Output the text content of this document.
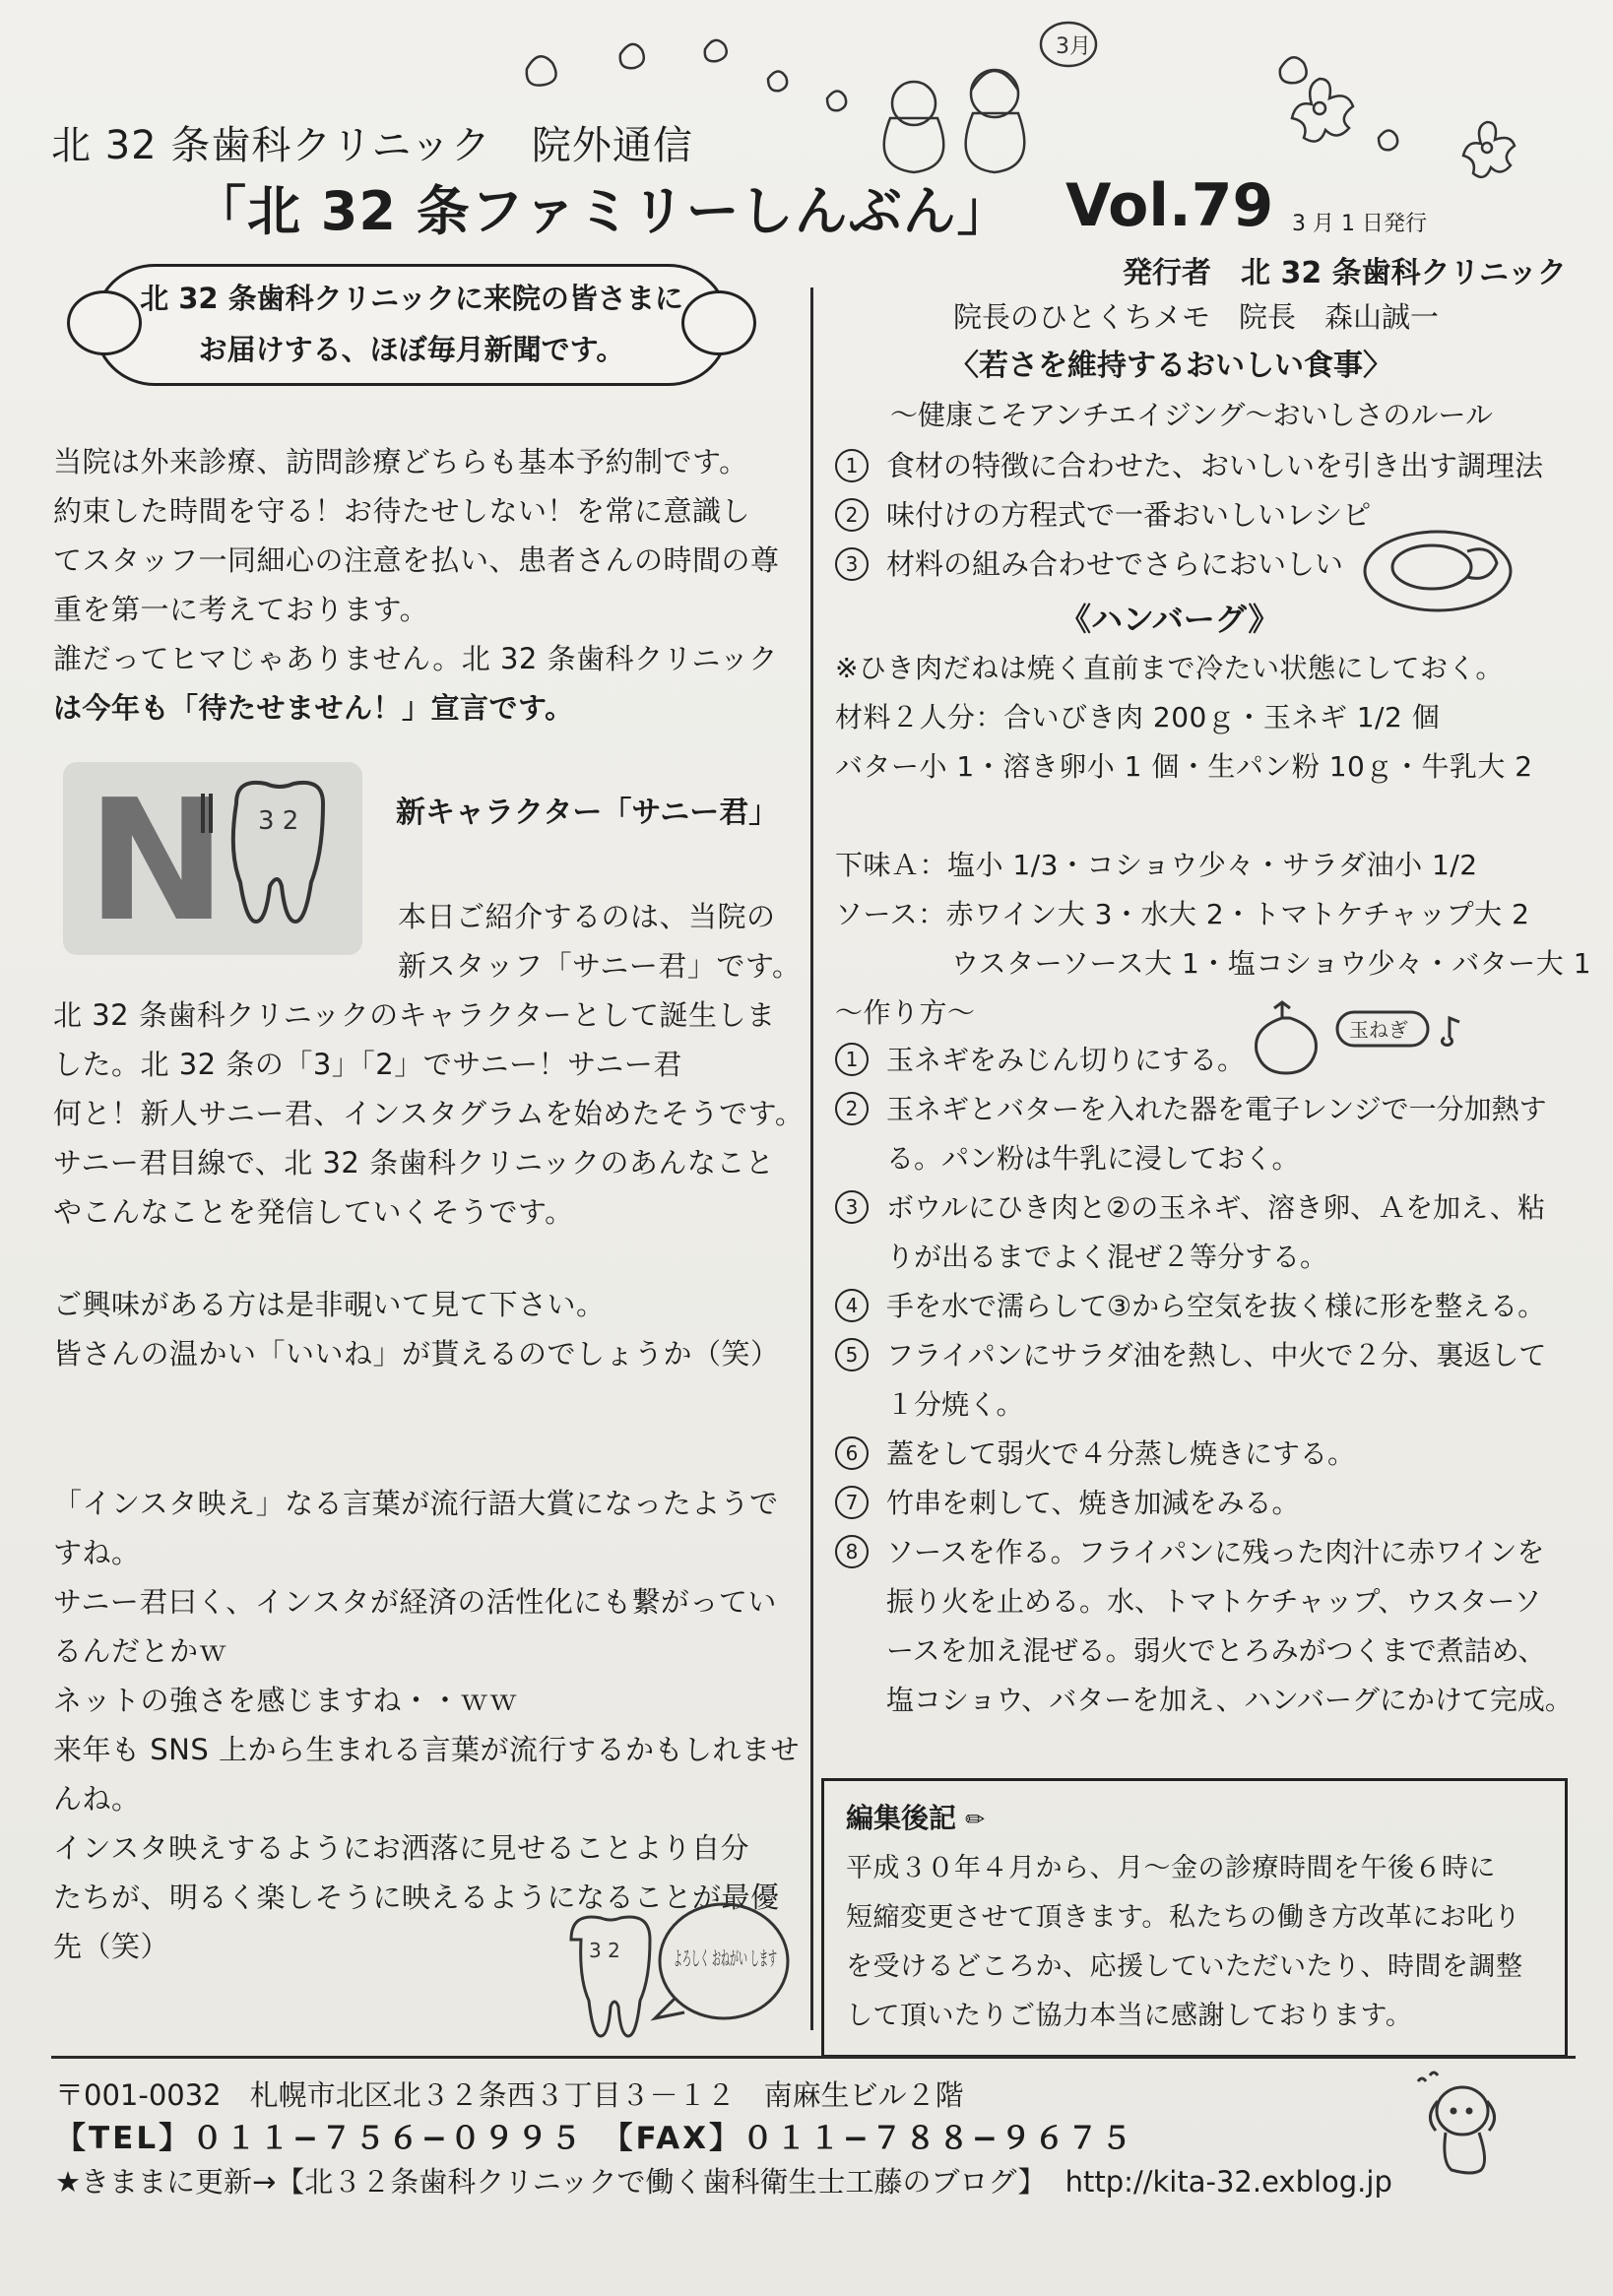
3月
北 32 条歯科クリニック　院外通信
「北 32 条ファミリーしんぶん」 Vol.79 3 月 1 日発行
北 32 条歯科クリニックに来院の皆さまに
お届けする、ほぼ毎月新聞です。

当院は外来診療、訪問診療どちらも基本予約制です。

約束した時間を守る！お待たせしない！を常に意識し

てスタッフ一同細心の注意を払い、患者さんの時間の尊

重を第一に考えております。

誰だってヒマじゃありません。北 32 条歯科クリニック

は今年も「待たせません！」宣言です。

N 3 2	新キャラクター「サニー君」

本日ご紹介するのは、当院の

新スタッフ「サニー君」です。

北 32 条歯科クリニックのキャラクターとして誕生しま

した。北 32 条の「3」「2」でサニー！サニー君

何と！新人サニー君、インスタグラムを始めたそうです。

サニー君目線で、北 32 条歯科クリニックのあんなこと

やこんなことを発信していくそうです。

ご興味がある方は是非覗いて見て下さい。

皆さんの温かい「いいね」が貰えるのでしょうか（笑）

「インスタ映え」なる言葉が流行語大賞になったようで

すね。

サニー君曰く、インスタが経済の活性化にも繋がってい

るんだとかｗ

ネットの強さを感じますね・・ｗｗ

来年も SNS 上から生まれる言葉が流行するかもしれませ

んね。

インスタ映えするようにお洒落に見せることより自分

たちが、明るく楽しそうに映えるようになることが最優

先（笑）	3 2	よろしく おねがい します
発行者　北 32 条歯科クリニック
院長のひとくちメモ　院長　森山誠一
〈若さを維持するおいしい食事〉
～健康こそアンチエイジング～おいしさのルール

1 食材の特徴に合わせた、おいしいを引き出す調理法

2 味付けの方程式で一番おいしいレシピ

3 材料の組み合わせでさらにおいしい

《ハンバーグ》

※ひき肉だねは焼く直前まで冷たい状態にしておく。

材料２人分：合いびき肉 200ｇ・玉ネギ 1/2 個

バター小 1・溶き卵小 1 個・生パン粉 10ｇ・牛乳大 2

下味Ａ：塩小 1/3・コショウ少々・サラダ油小 1/2

ソース：赤ワイン大 3・水大 2・トマトケチャップ大 2

ウスターソース大 1・塩コショウ少々・バター大 1

～作り方～

玉ねぎ

1 玉ネギをみじん切りにする。

2 玉ネギとバターを入れた器を電子レンジで一分加熱す

る。パン粉は牛乳に浸しておく。

3 ボウルにひき肉と②の玉ネギ、溶き卵、Ａを加え、粘

りが出るまでよく混ぜ２等分する。

4 手を水で濡らして③から空気を抜く様に形を整える。

5 フライパンにサラダ油を熱し、中火で２分、裏返して

１分焼く。

6 蓋をして弱火で４分蒸し焼きにする。

7 竹串を刺して、焼き加減をみる。

8 ソースを作る。フライパンに残った肉汁に赤ワインを

振り火を止める。水、トマトケチャップ、ウスターソ

ースを加え混ぜる。弱火でとろみがつくまで煮詰め、

塩コショウ、バターを加え、ハンバーグにかけて完成。

編集後記 ✏

平成３０年４月から、月～金の診療時間を午後６時に

短縮変更させて頂きます。私たちの働き方改革にお叱り

を受けるどころか、応援していただいたり、時間を調整

して頂いたりご協力本当に感謝しております。

〒001-0032　札幌市北区北３２条西３丁目３－１２　南麻生ビル２階
【TEL】０１１−７５６−０９９５　【FAX】０１１−７８８−９６７５
★きままに更新→【北３２条歯科クリニックで働く歯科衛生士工藤のブログ】 http://kita-32.exblog.jp
